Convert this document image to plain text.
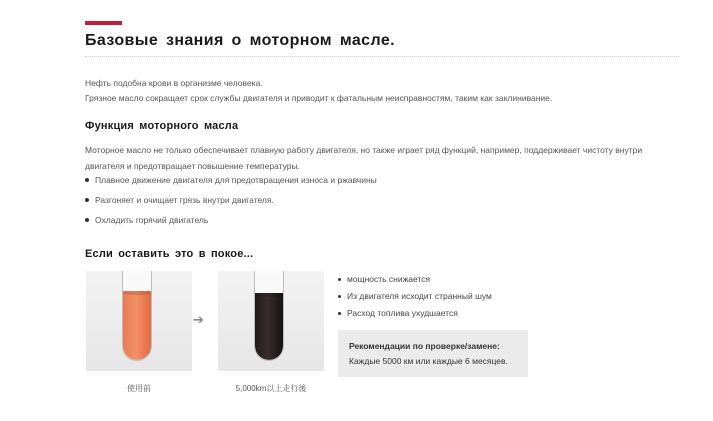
Базовые знания о моторном масле.

Нефть подобна крови в организме человека.

Грязное масло сокращает срок службы двигателя и приводит к фатальным неисправностям, таким как заклинивание.

Функция моторного масла

Моторное масло не только обеспечивает плавную работу двигателя, но также играет ряд функций, например, поддерживает чистоту внутри

двигателя и предотвращает повышение температуры.

Плавное движение двигателя для предотвращения износа и ржавчины
Разгоняет и очищает грязь внутри двигателя.
Охладить горячий двигатель
Если оставить это в покое...
➔
使用前	5,000km以上走行後
мощность снижается
Из двигателя исходит странный шум
Расход топлива ухудшается
Рекомендации по проверке/замене:
Каждые 5000 км или каждые 6 месяцев.
